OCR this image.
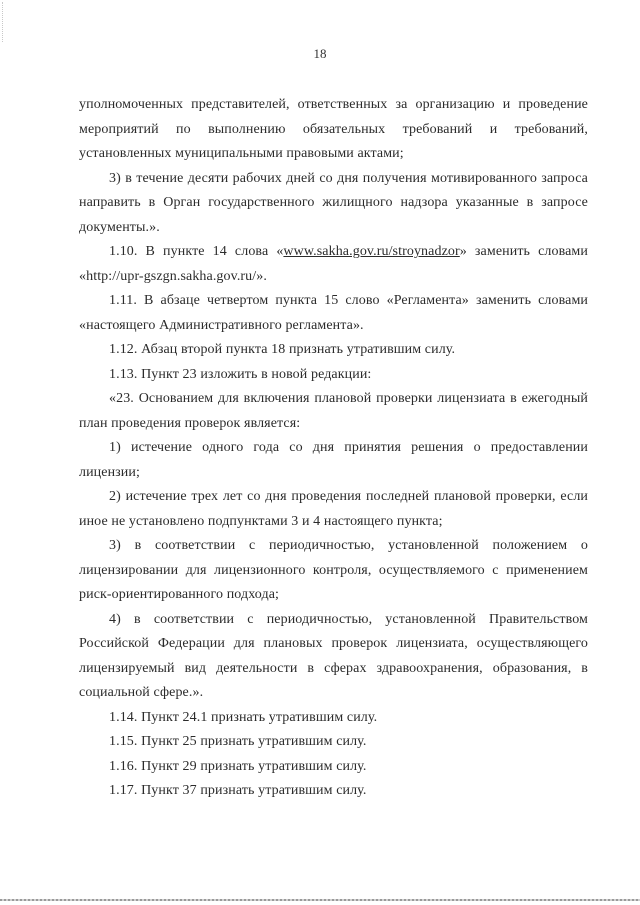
18

уполномоченных представителей, ответственных за организацию и проведение мероприятий по выполнению обязательных требований и требований, установленных муниципальными правовыми актами;

3) в течение десяти рабочих дней со дня получения мотивированного запроса направить в Орган государственного жилищного надзора указанные в запросе документы.».

1.10. В пункте 14 слова «www.sakha.gov.ru/stroynadzor» заменить словами «http://upr-gszgn.sakha.gov.ru/».

1.11. В абзаце четвертом пункта 15 слово «Регламента» заменить словами «настоящего Административного регламента».

1.12. Абзац второй пункта 18 признать утратившим силу.

1.13. Пункт 23 изложить в новой редакции:

«23. Основанием для включения плановой проверки лицензиата в ежегодный план проведения проверок является:

1) истечение одного года со дня принятия решения о предоставлении лицензии;

2) истечение трех лет со дня проведения последней плановой проверки, если иное не установлено подпунктами 3 и 4 настоящего пункта;

3) в соответствии с периодичностью, установленной положением о лицензировании для лицензионного контроля, осуществляемого с применением риск-ориентированного подхода;

4) в соответствии с периодичностью, установленной Правительством Российской Федерации для плановых проверок лицензиата, осуществляющего лицензируемый вид деятельности в сферах здравоохранения, образования, в социальной сфере.».

1.14. Пункт 24.1 признать утратившим силу.

1.15. Пункт 25 признать утратившим силу.

1.16. Пункт 29 признать утратившим силу.

1.17. Пункт 37 признать утратившим силу.
